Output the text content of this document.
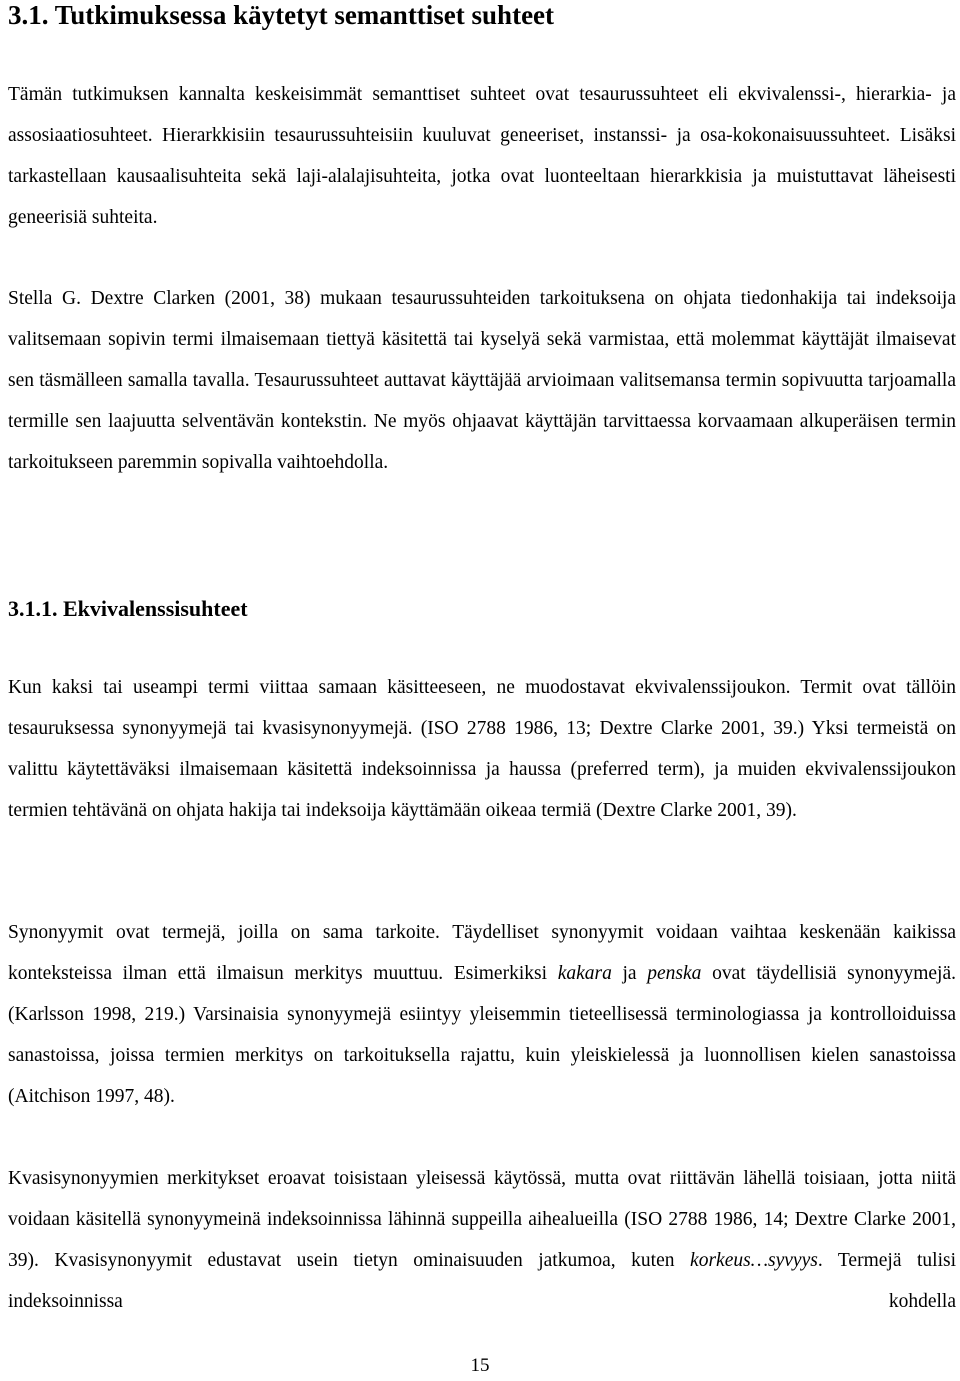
3.1. Tutkimuksessa käytetyt semanttiset suhteet

Tämän tutkimuksen kannalta keskeisimmät semanttiset suhteet ovat tesaurussuhteet eli ekvivalenssi-, hierarkia- ja assosiaatiosuhteet. Hierarkkisiin tesaurussuhteisiin kuuluvat geneeriset, instanssi- ja osa-kokonaisuussuhteet. Lisäksi tarkastellaan kausaalisuhteita sekä laji-alalajisuhteita, jotka ovat luonteeltaan hierarkkisia ja muistuttavat läheisesti geneerisiä suhteita.

Stella G. Dextre Clarken (2001, 38) mukaan tesaurussuhteiden tarkoituksena on ohjata tiedonhakija tai indeksoija valitsemaan sopivin termi ilmaisemaan tiettyä käsitettä tai kyselyä sekä varmistaa, että molemmat käyttäjät ilmaisevat sen täsmälleen samalla tavalla. Tesaurussuhteet auttavat käyttäjää arvioimaan valitsemansa termin sopivuutta tarjoamalla termille sen laajuutta selventävän kontekstin. Ne myös ohjaavat käyttäjän tarvittaessa korvaamaan alkuperäisen termin tarkoitukseen paremmin sopivalla vaihtoehdolla.

3.1.1. Ekvivalenssisuhteet

Kun kaksi tai useampi termi viittaa samaan käsitteeseen, ne muodostavat ekvivalenssijoukon. Termit ovat tällöin tesauruksessa synonyymejä tai kvasisynonyymejä. (ISO 2788 1986, 13; Dextre Clarke 2001, 39.) Yksi termeistä on valittu käytettäväksi ilmaisemaan käsitettä indeksoinnissa ja haussa (preferred term), ja muiden ekvivalenssijoukon termien tehtävänä on ohjata hakija tai indeksoija käyttämään oikeaa termiä (Dextre Clarke 2001, 39).

Synonyymit ovat termejä, joilla on sama tarkoite. Täydelliset synonyymit voidaan vaihtaa keskenään kaikissa konteksteissa ilman että ilmaisun merkitys muuttuu. Esimerkiksi kakara ja penska ovat täydellisiä synonyymejä. (Karlsson 1998, 219.) Varsinaisia synonyymejä esiintyy yleisemmin tieteellisessä terminologiassa ja kontrolloiduissa sanastoissa, joissa termien merkitys on tarkoituksella rajattu, kuin yleiskielessä ja luonnollisen kielen sanastoissa (Aitchison 1997, 48).

Kvasisynonyymien merkitykset eroavat toisistaan yleisessä käytössä, mutta ovat riittävän lähellä toisiaan, jotta niitä voidaan käsitellä synonyymeinä indeksoinnissa lähinnä suppeilla aihealueilla (ISO 2788 1986, 14; Dextre Clarke 2001, 39). Kvasisynonyymit edustavat usein tietyn ominaisuuden jatkumoa, kuten korkeus…syvyys. Termejä tulisi indeksoinnissa kohdella

15
